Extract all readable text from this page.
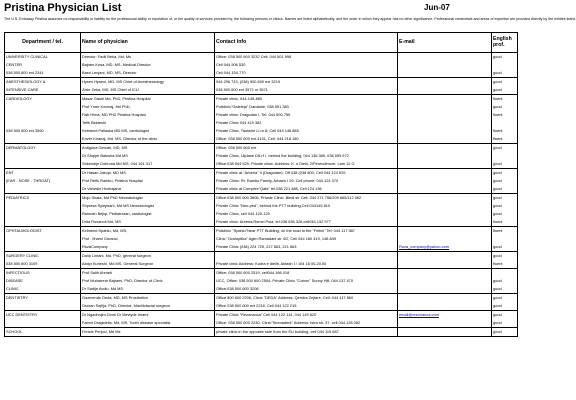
Pristina Physician List	Jun-07
The U.S. Embassy Pristina assumes no responsibility or liability for the professional ability or reputation of, or the quality of services provided by, the following persons or clinics. Names are listed alphabetically, and the order in which they appear has no other significance. Professional credentials and areas of expertise are provided directly by the entities listed.
Department / tel.	Name of physician	Contact Info	E-mail	English prof.
UNIVERSITY CLINICAL	Director: Fadil Beka, Md, Ms	Office: 038 500 600 3232 Cell: 044 501 998		good
CENTER	Bajram Kosa, MD, MS, Medical Director	Cell 044 506 530		
038 500 600 ext 2341	Basri Lenjani, MD, MS, Director	Cell 044 154-770		good
ANESTHESIOLOGY &	Hysen Hyseni, MD, MS Chief of Anesthesiology	044 296 733, (038) 500 600 ext 3219		good
INTENSIVE CARE	Zelie Zeka, MD, MS Chief of ICU	038 500 600 ext 3572 or 3571		good
CARDIOLOGY	Masar Gashi Md, PhD, Pristina Hospital	Private clinic, 044-145-869		fluent
	Prof Ymer Kocinaj, Md PhD,	Policlinic"Galeleja" Dardanie, 038 551 383		good
	Faik Hima, MD PhD Pristina Hospital	Private clinic: Dragodan I, Tel. 044 500-755		fluent
	Tefik Bekteshi	Private Clinic 044 419 382		
038 500 600 ext 3560	Kelmend Pallaska MD MS, cardiologist	Private Clinic, Taukshe Li.nr 8; Cell 044 148 885		fluent
	Enver Kiranaj, Md, MS, Director of the clinic	Office: 038 500 600 ext 4101, Cell: 044 218 180		fluent
DERMATOLOGY	Antigona Gercari, MD, MS	Office: 038 500 600 ext		good
	Dr Shqipe Balusha Md MS	Private Clinic, Ulpiane D6-H I, behind the building, 044 136 389, 038 555 972		
	Shkendije Dobruna Md MS, 044 161 317	Office:038 544 529, Private clinic: Address: K. e Dielli, 2/Perendimore, Lam 12 G		good
ENT	Dr Hasan Jakupi, MD MS	Private clinic at "Arberia" II (Dragodan); Off 038 (038 800; Cell 044 124 529		good
(EAR - NOSE - THROAT)	Prof Refik Ramku, Pristina Hospital	Private Clinic: Rr. Ramku Family, Arbaeh I 29, Cell phone; 044 124 370		good
	Dr Vahedin Hoxhajaha	Private clinic at Complex"Qafa" tel.038 221 488, Cell 124 136		good
PEDIATRICS	Mujo Shala, Md PhD Neonatologist	Office:038 500 600 3606, Private Clinic: Bledi str Cell: 044 271 756/209 665/112 062		good
	Shpresa Sylejmani, Md MS Neonatologist	Private Clinic "Neo-ped", behind the PTT building,Cell 044145 810		good
	Ramush Bejiqi, Pediatrician, cardiologist	Private Clinic, cell 044-120-129		good
	Drita Rovanoli Md, MS	Private clinic: Arberia,Remzi Pula, tel 038 536 326,cell044 152 977		fluent
OPHTALMOLOGIST	Kelmend Spahiu, Md, MS,	Policlinic "Spahiu"Near PTT Building, on the road to the "Fellini" Tel: 044 117 587		fluent
	Prof . Ilhami Goranci,	Clinic "Oculoptika" Agim Ramadani str 4/2, Cell 044 160 419, 148 849		
	RozaCompany	Private Clinic (038) 224 725, 227 563, 221 663	Roza_company@yahoo.com	good
SURGERY CLINIC	Dalip Limani, Md, PhD, general surgeon			good
038 500 600 3109	Abdyl Kurieshi, Md MS, General Surgeon	Private clinic Address: Kodra e diellit, Aktash I / 104 16 00-20.00		fluent
INFECTIOUS	Prof Salih Ahmeti	Office: 038 500 600 2519, cell044 166 018		
DISEASE	Prof Muharrem Bajrami, PhD, Director of Clinic	UCC, Office: 038 500 600 2504, Private Clinic "Cotron" Sunny Hill, 044 137 470		good
CLINIC	Dr Sadije Avdiu, Md MS	Office:038 500 600 3208		good
DENTISTRY	Gazmende Deda, MD, MS Prosthetics	Office 500 600 2206, Clinic "DEDA" Address: Qendra Zejtare, Cell: 044 117 860		good
	Osman Sejfija, PhD, Director, Maxillofacial surgeon	Office 038 500 600 ext 2218, Cell 044 122 215		good
UCC DENTISTRY	Dr Ngadhnjim Domi Dr Mevlyde Imami	Private Clinic "Rezonanca" Cell 044 122 114, 044 149 620	email@rezonanca.com	good
	Fatmir Dragidella, Md, MS, Tooth disease specialist	Office: 038 500 600 2230, Clinic"Stomadent" Address: Istra str. 37, cell 044 128 082		good
SCHOOL	Ferizie Perjuci, Md Ms	private clinic in the opposite side from the EU building, cell 044 115 687		good
